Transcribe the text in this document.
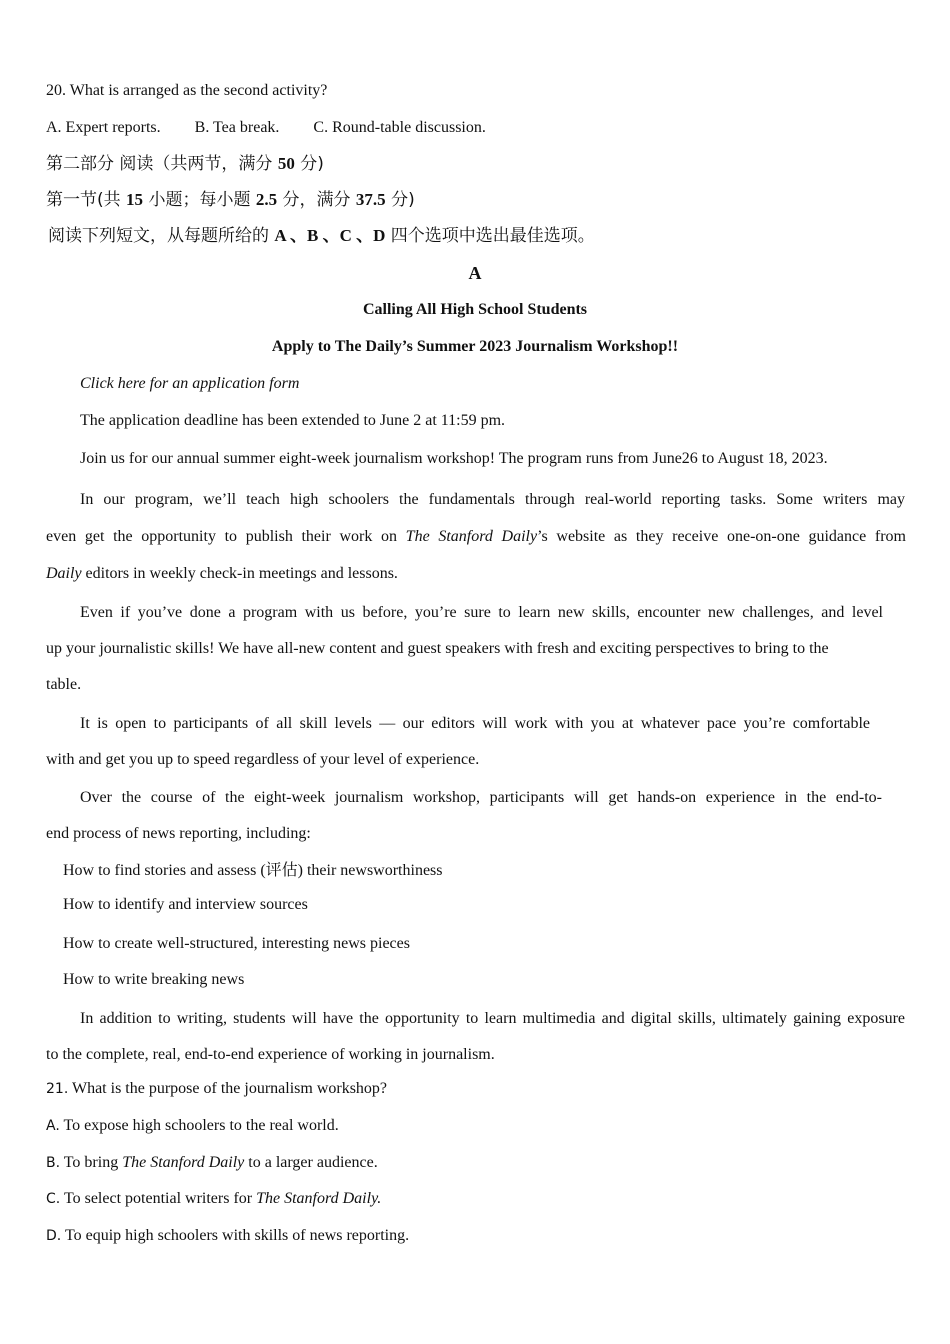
20. What is arranged as the second activity?
A. Expert reports. B. Tea break. C. Round-table discussion.
第二部分 阅读（共两节，满分 50 分)
第一节(共 15 小题；每小题 2.5 分，满分 37.5 分)
阅读下列短文，从每题所给的 A 、B 、C 、D 四个选项中选出最佳选项。
A
Calling All High School Students
Apply to The Daily’s Summer 2023 Journalism Workshop!!
Click here for an application form
The application deadline has been extended to June 2 at 11:59 pm.
Join us for our annual summer eight-week journalism workshop! The program runs from June26 to August 18, 2023.
In our program, we’ll teach high schoolers the fundamentals through real-world reporting tasks. Some writers may
even get the opportunity to publish their work on The Stanford Daily’s website as they receive one-on-one guidance from
Daily editors in weekly check-in meetings and lessons.
Even if you’ve done a program with us before, you’re sure to learn new skills, encounter new challenges, and level
up your journalistic skills! We have all-new content and guest speakers with fresh and exciting perspectives to bring to the
table.
It is open to participants of all skill levels — our editors will work with you at whatever pace you’re comfortable
with and get you up to speed regardless of your level of experience.
Over the course of the eight-week journalism workshop, participants will get hands-on experience in the end-to-
end process of news reporting, including:
How to find stories and assess (评估) their newsworthiness
How to identify and interview sources
How to create well-structured, interesting news pieces
How to write breaking news
In addition to writing, students will have the opportunity to learn multimedia and digital skills, ultimately gaining exposure
to the complete, real, end-to-end experience of working in journalism.
21. What is the purpose of the journalism workshop?
A. To expose high schoolers to the real world.
B. To bring The Stanford Daily to a larger audience.
C. To select potential writers for The Stanford Daily.
D. To equip high schoolers with skills of news reporting.
